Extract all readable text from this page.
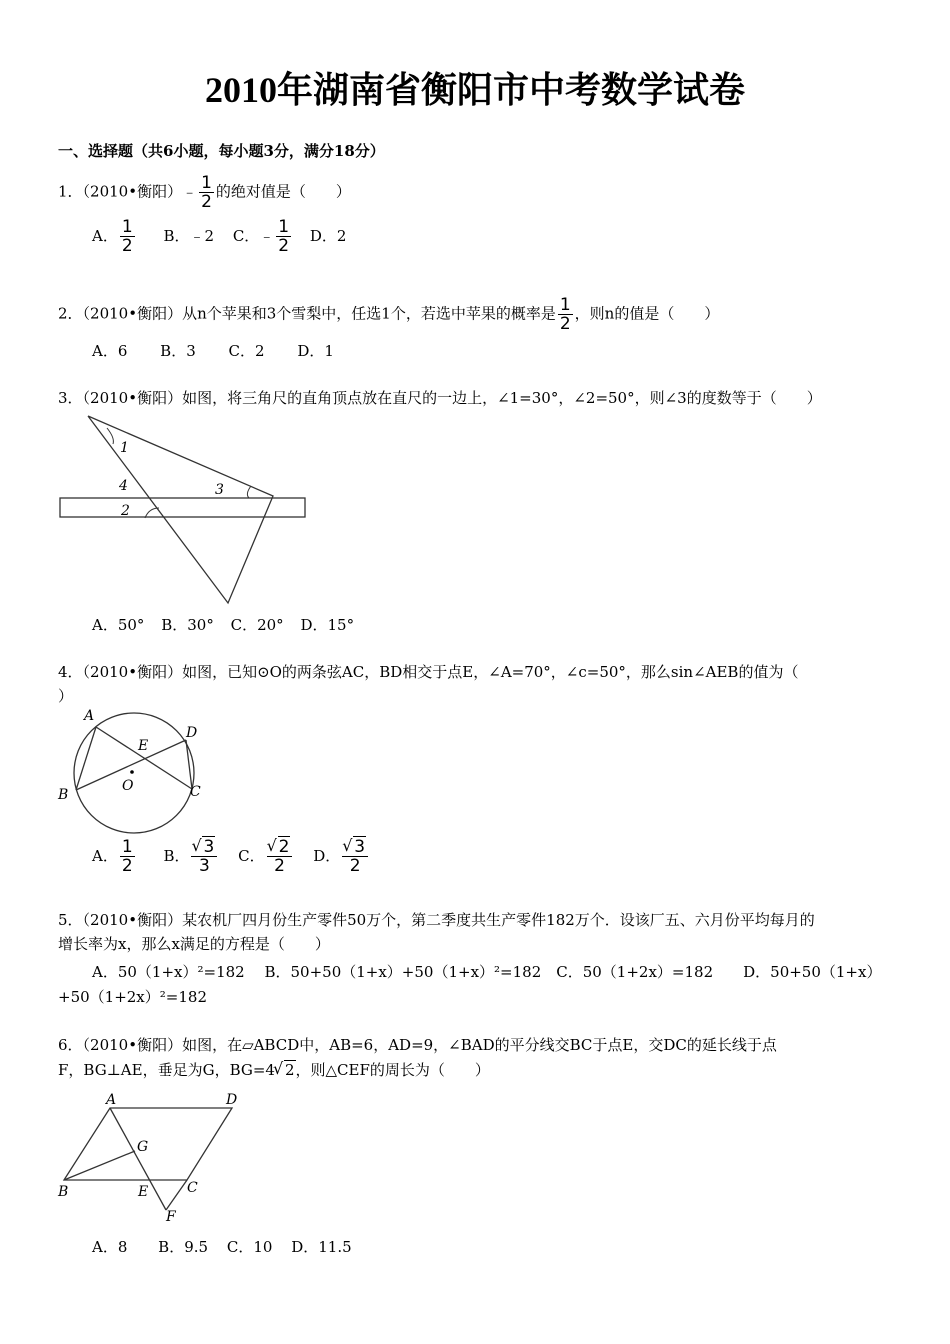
2010年湖南省衡阳市中考数学试卷
一、选择题（共6小题，每小题3分，满分18分）
1．（2010•衡阳）﹣ $\frac{1}{2}$ 的绝对值是（　　）
A． $\frac{1}{2}$ B．﹣2 C．﹣ $\frac{1}{2}$ D．2
2．（2010•衡阳）从n个苹果和3个雪梨中，任选1个，若选中苹果的概率是 $\frac{1}{2}$ ，则n的值是（　　）
A．6 B．3 C．2 D．1
3．（2010•衡阳）如图，将三角尺的直角顶点放在直尺的一边上，∠1=30°，∠2=50°，则∠3的度数等于（　　）
1
4	3
2
A．50° B．30° C．20° D．15°
4．（2010•衡阳）如图，已知⊙O的两条弦AC，BD相交于点E，∠A=70°，∠c=50°，那么sin∠AEB的值为（
）
A
D
E
O
B	C
A． $\frac{1}{2}$ B． √ $\frac{3}{3}$ C． √ $\frac{2}{2}$ D． √ $\frac{3}{2}$
5．（2010•衡阳）某农机厂四月份生产零件50万个，第二季度共生产零件182万个．设该厂五、六月份平均每月的
增长率为x，那么x满足的方程是（　　）
A．50（1+x）²=182　 B．50+50（1+x）+50（1+x）²=182　C．50（1+2x）=182　　D．50+50（1+x）
+50（1+2x）²=182
6．（2010•衡阳）如图，在▱ABCD中，AB=6，AD=9，∠BAD的平分线交BC于点E，交DC的延长线于点
F，BG⊥AE，垂足为G，BG=4 √ 2，则△CEF的周长为（　　）
A	D
G
B	E	C
F
A．8 B．9.5 C．10 D．11.5
